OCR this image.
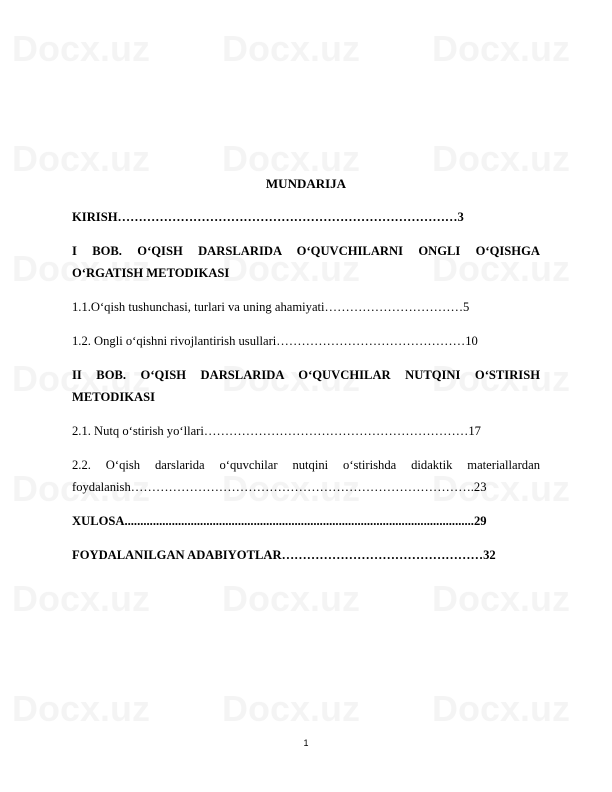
MUNDARIJA
KIRISH………………………………………………………………………3
I BOB. O‘QISH DARSLARIDA O‘QUVCHILARNI ONGLI O‘QISHGA O‘RGATISH METODIKASI
1.1.O‘qish tushunchasi, turlari va uning ahamiyati……………………………5
1.2. Ongli o‘qishni rivojlantirish usullari………………………………………10
II BOB. O‘QISH DARSLARIDA O‘QUVCHILAR NUTQINI O‘STIRISH METODIKASI
2.1. Nutq o‘stirish yo‘llari………………………………………………………17
2.2. O‘qish darslarida o‘quvchilar nutqini o‘stirishda didaktik materiallardan foydalanish……………………………………………………………………….23
XULOSA...............................................................................................................29
FOYDALANILGAN ADABIYOTLAR…………………………………………32
1
